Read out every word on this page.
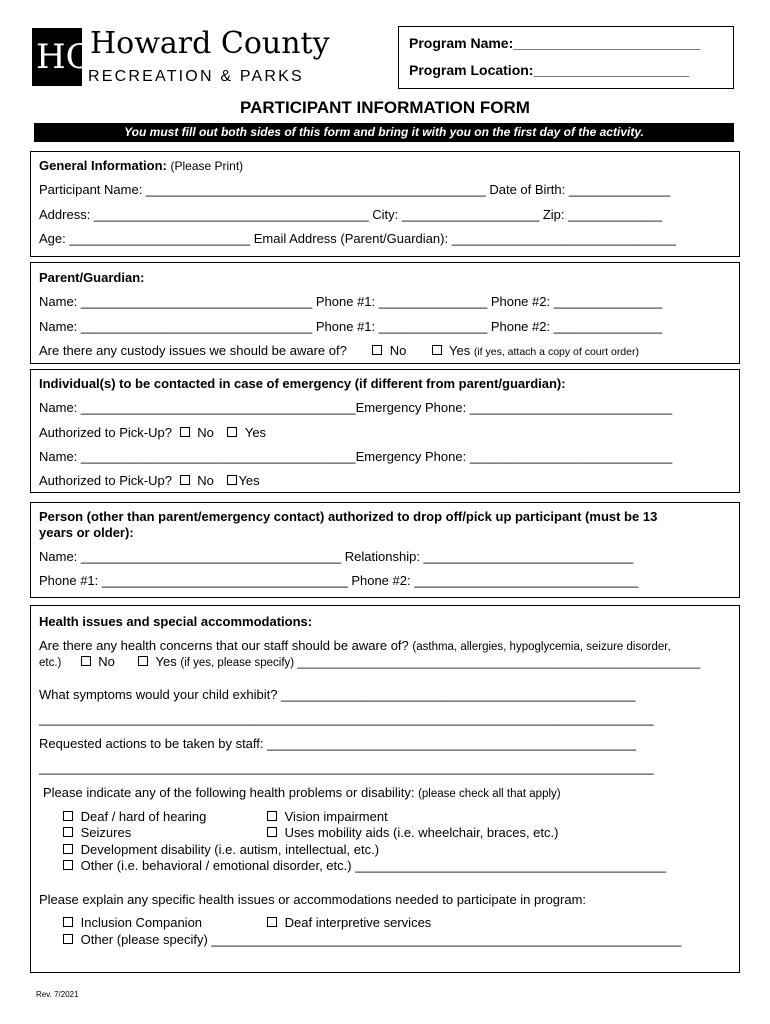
HC
Howard County
RECREATION & PARKS
Program Name:________________________
Program Location:____________________
PARTICIPANT INFORMATION FORM
You must fill out both sides of this form and bring it with you on the first day of the activity.
General Information: (Please Print)
Participant Name: _______________________________________________ Date of Birth: ______________
Address: ______________________________________ City: ___________________ Zip: _____________
Age: _________________________ Email Address (Parent/Guardian): _______________________________
Parent/Guardian:
Name: ________________________________ Phone #1: _______________ Phone #2: _______________
Name: ________________________________ Phone #1: _______________ Phone #2: _______________
Are there any custody issues we should be aware of?	No	Yes (if yes, attach a copy of court order)
Individual(s) to be contacted in case of emergency (if different from parent/guardian):
Name: ______________________________________Emergency Phone: ____________________________
Authorized to Pick-Up? No Yes
Name: ______________________________________Emergency Phone: ____________________________
Authorized to Pick-Up? No Yes
Person (other than parent/emergency contact) authorized to drop off/pick up participant (must be 13
years or older):
Name: ____________________________________ Relationship: _____________________________
Phone #1: __________________________________ Phone #2: _______________________________
Health issues and special accommodations:
Are there any health concerns that our staff should be aware of? (asthma, allergies, hypoglycemia, seizure disorder,
etc.)	No	Yes (if yes, please specify) _______________________________________________________________
What symptoms would your child exhibit? _________________________________________________
_____________________________________________________________________________________
Requested actions to be taken by staff: ___________________________________________________
_____________________________________________________________________________________
Please indicate any of the following health problems or disability: (please check all that apply)
Deaf / hard of hearing	Vision impairment
Seizures	Uses mobility aids (i.e. wheelchair, braces, etc.)
Development disability (i.e. autism, intellectual, etc.)
Other (i.e. behavioral / emotional disorder, etc.) ___________________________________________
Please explain any specific health issues or accommodations needed to participate in program:
Inclusion Companion	Deaf interpretive services
Other (please specify) _________________________________________________________________
Rev. 7/2021
